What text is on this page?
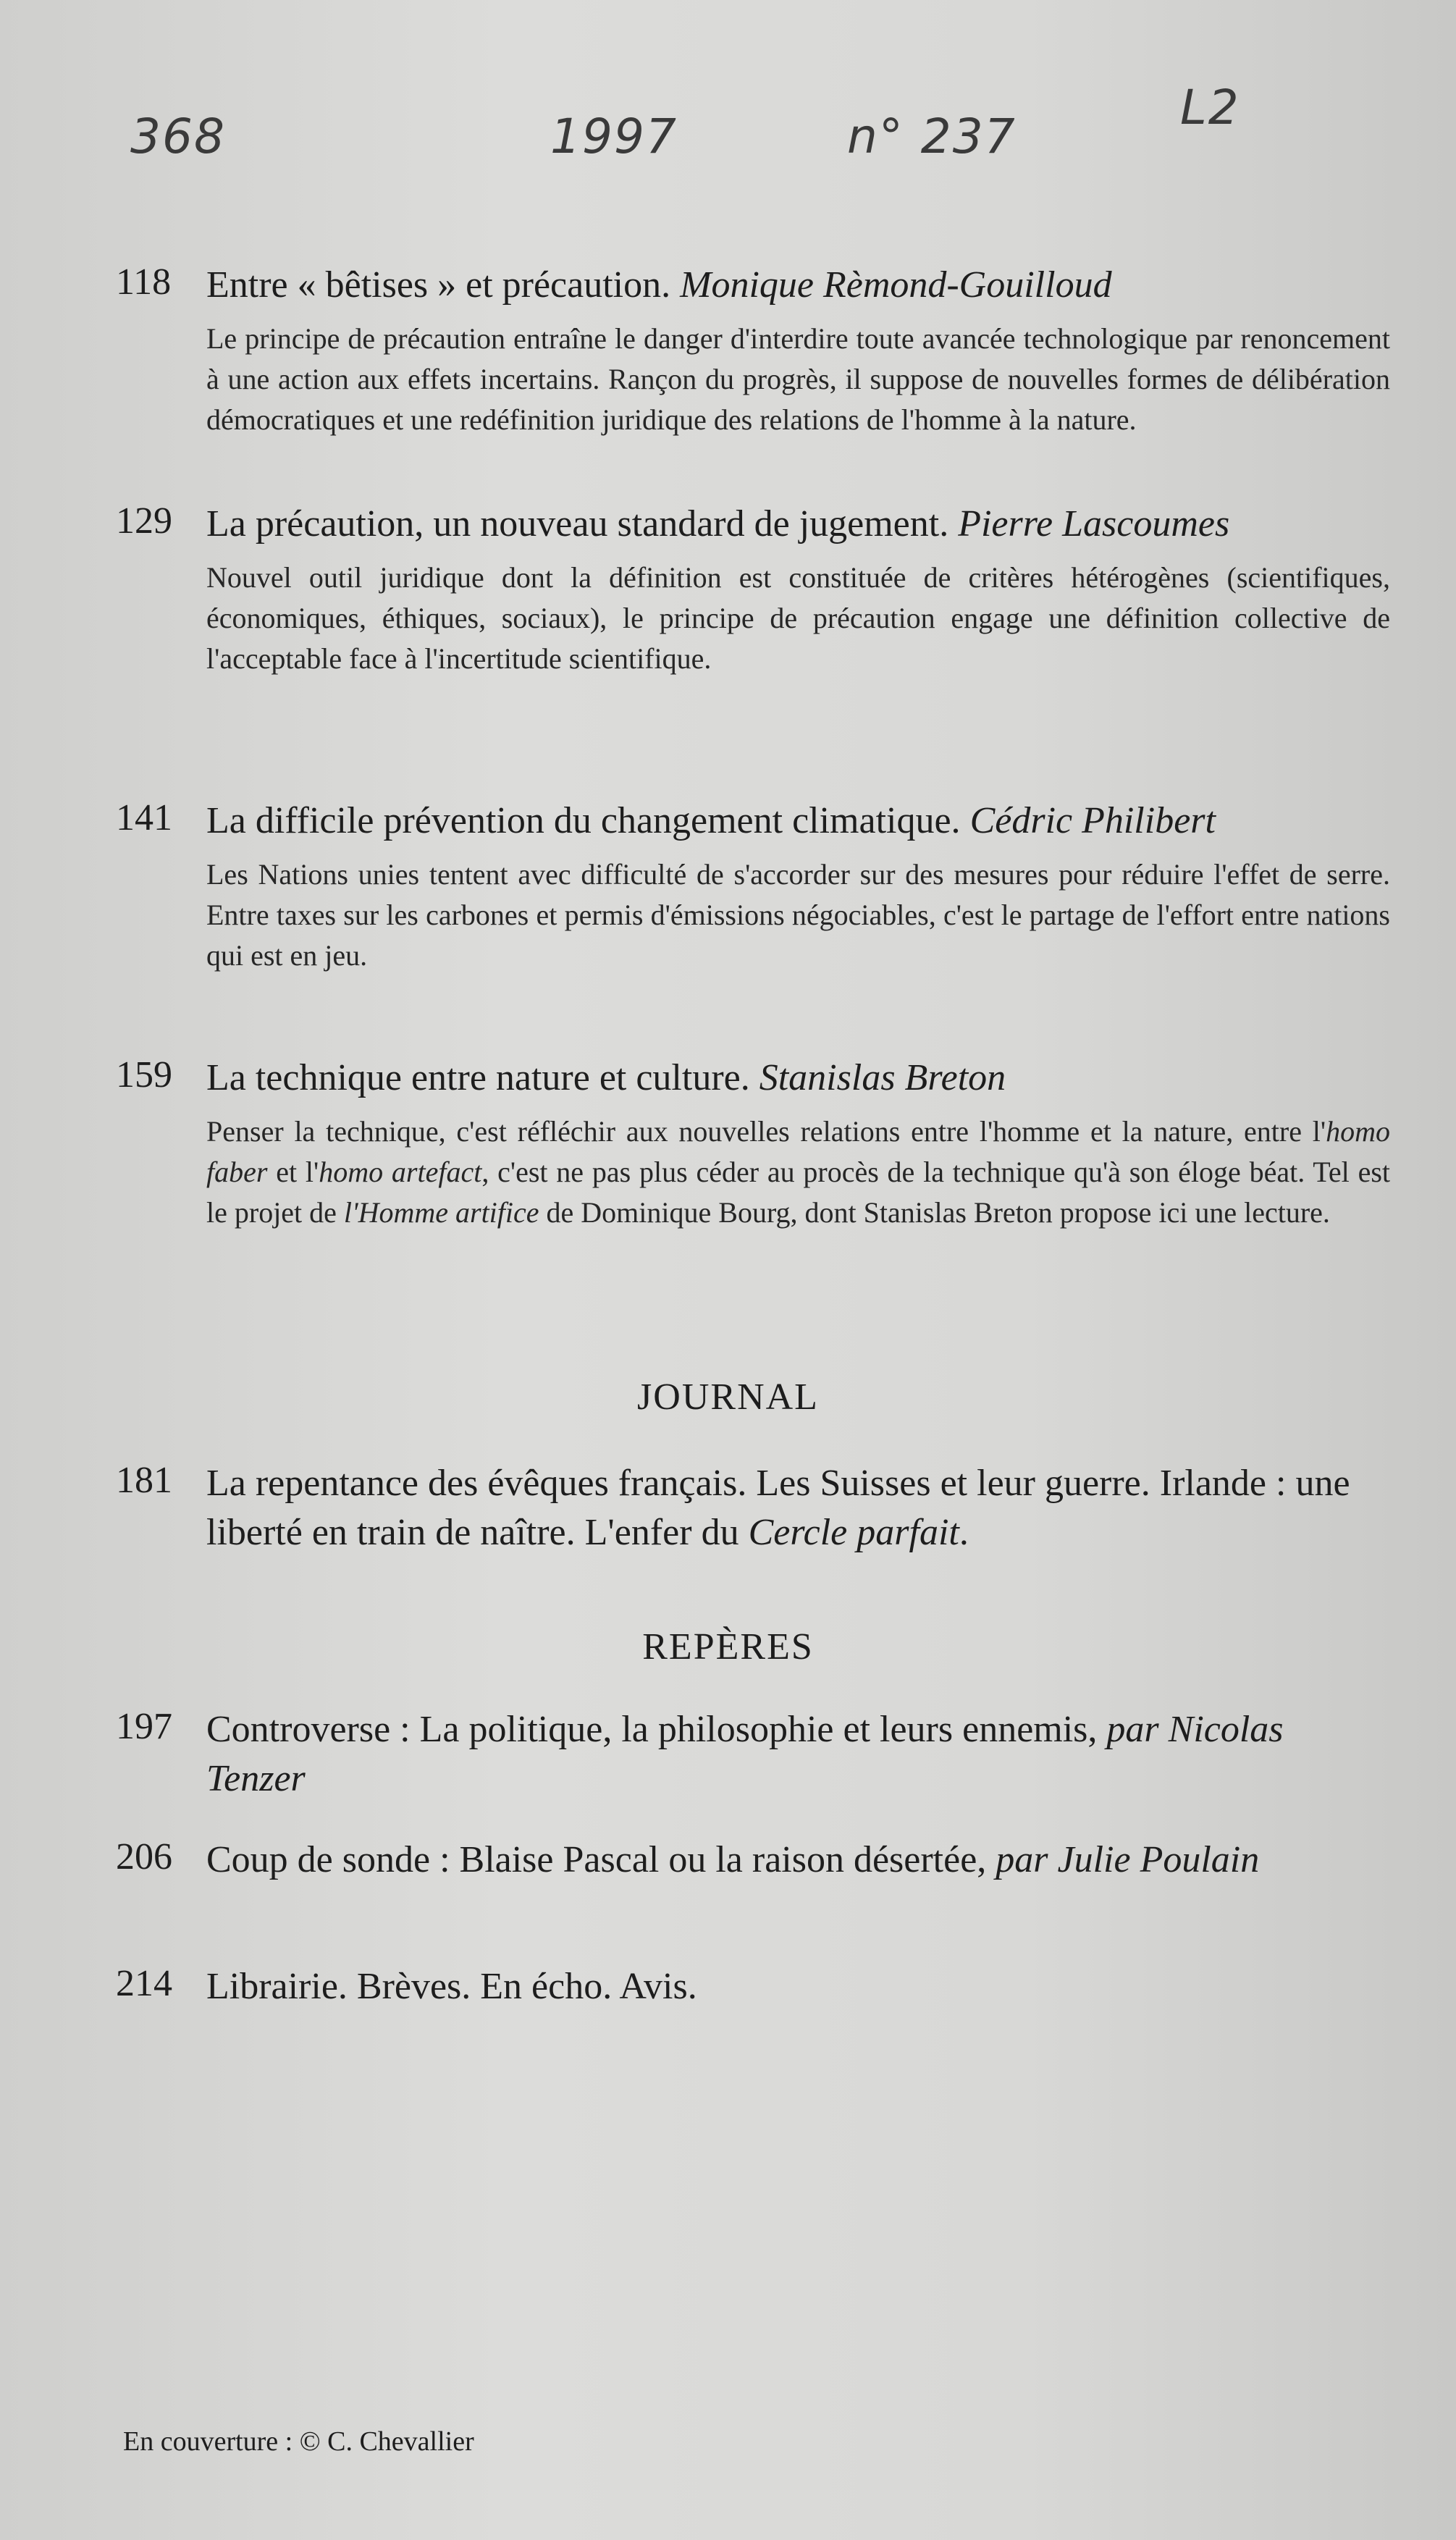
368	1997	n° 237
L2
118 Entre « bêtises » et précaution. Monique Rèmond-Gouilloud
Le principe de précaution entraîne le danger d'interdire toute avancée technologique par renoncement à une action aux effets incertains. Rançon du progrès, il suppose de nouvelles formes de délibération démocratiques et une redéfinition juridique des relations de l'homme à la nature.
129 La précaution, un nouveau standard de jugement. Pierre Lascoumes
Nouvel outil juridique dont la définition est constituée de critères hétérogènes (scientifiques, économiques, éthiques, sociaux), le principe de précaution engage une définition collective de l'acceptable face à l'incertitude scientifique.
141 La difficile prévention du changement climatique. Cédric Philibert
Les Nations unies tentent avec difficulté de s'accorder sur des mesures pour réduire l'effet de serre. Entre taxes sur les carbones et permis d'émissions négociables, c'est le partage de l'effort entre nations qui est en jeu.
159 La technique entre nature et culture. Stanislas Breton
Penser la technique, c'est réfléchir aux nouvelles relations entre l'homme et la nature, entre l'homo faber et l'homo artefact, c'est ne pas plus céder au procès de la technique qu'à son éloge béat. Tel est le projet de l'Homme artifice de Dominique Bourg, dont Stanislas Breton propose ici une lecture.
JOURNAL
181 La repentance des évêques français. Les Suisses et leur guerre. Irlande : une liberté en train de naître. L'enfer du Cercle parfait.
REPÈRES
197 Controverse : La politique, la philosophie et leurs ennemis, par Nicolas Tenzer
206 Coup de sonde : Blaise Pascal ou la raison désertée, par Julie Poulain
214 Librairie. Brèves. En écho. Avis.
En couverture : © C. Chevallier
